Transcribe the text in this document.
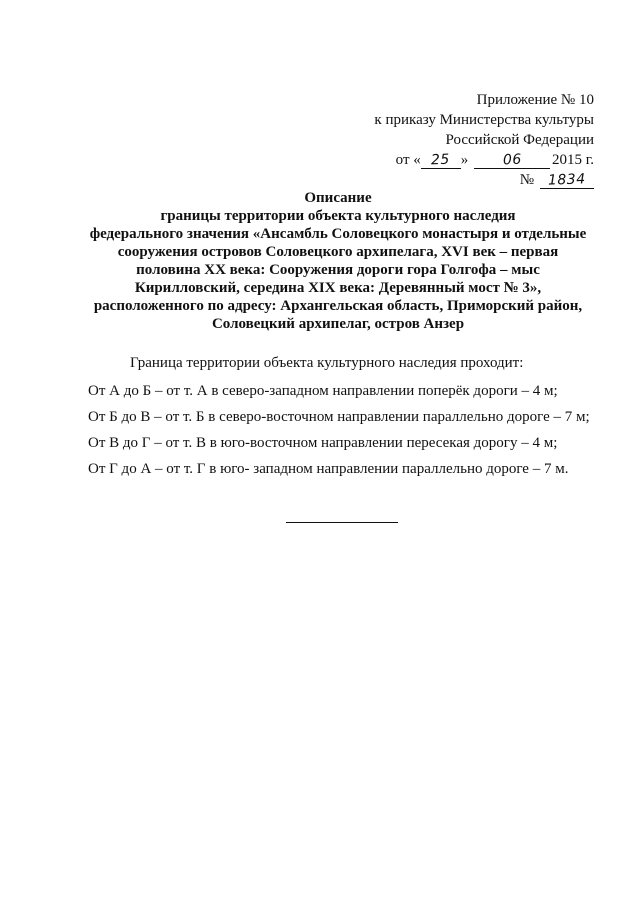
Приложение № 10
к приказу Министерства культуры
Российской Федерации
от « 25 » 06 2015 г.
№ 1834
Описание
границы территории объекта культурного наследия
федерального значения «Ансамбль Соловецкого монастыря и отдельные
сооружения островов Соловецкого архипелага, XVI век – первая
половина XX века: Сооружения дороги гора Голгофа – мыс
Кирилловский, середина XIX века: Деревянный мост № 3»,
расположенного по адресу: Архангельская область, Приморский район,
Соловецкий архипелаг, остров Анзер
Граница территории объекта культурного наследия проходит:
От А до Б – от т. А в северо-западном направлении поперёк дороги – 4 м;
От Б до В – от т. Б в северо-восточном направлении параллельно дороге – 7 м;
От В до Г – от т. В в юго-восточном направлении пересекая дорогу – 4 м;
От Г до А – от т. Г в юго- западном направлении параллельно дороге – 7 м.
